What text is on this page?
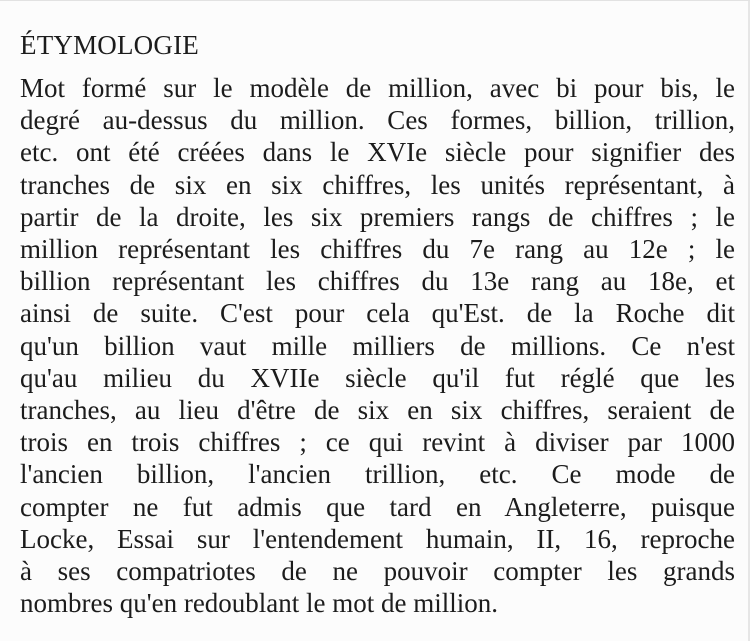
ÉTYMOLOGIE
Mot formé sur le modèle de million, avec bi pour bis, le
degré au-dessus du million. Ces formes, billion, trillion,
etc. ont été créées dans le XVIe siècle pour signifier des
tranches de six en six chiffres, les unités représentant, à
partir de la droite, les six premiers rangs de chiffres ; le
million représentant les chiffres du 7e rang au 12e ; le
billion représentant les chiffres du 13e rang au 18e, et
ainsi de suite. C'est pour cela qu'Est. de la Roche dit
qu'un billion vaut mille milliers de millions. Ce n'est
qu'au milieu du XVIIe siècle qu'il fut réglé que les
tranches, au lieu d'être de six en six chiffres, seraient de
trois en trois chiffres ; ce qui revint à diviser par 1000
l'ancien billion, l'ancien trillion, etc. Ce mode de
compter ne fut admis que tard en Angleterre, puisque
Locke, Essai sur l'entendement humain, II, 16, reproche
à ses compatriotes de ne pouvoir compter les grands
nombres qu'en redoublant le mot de million.
